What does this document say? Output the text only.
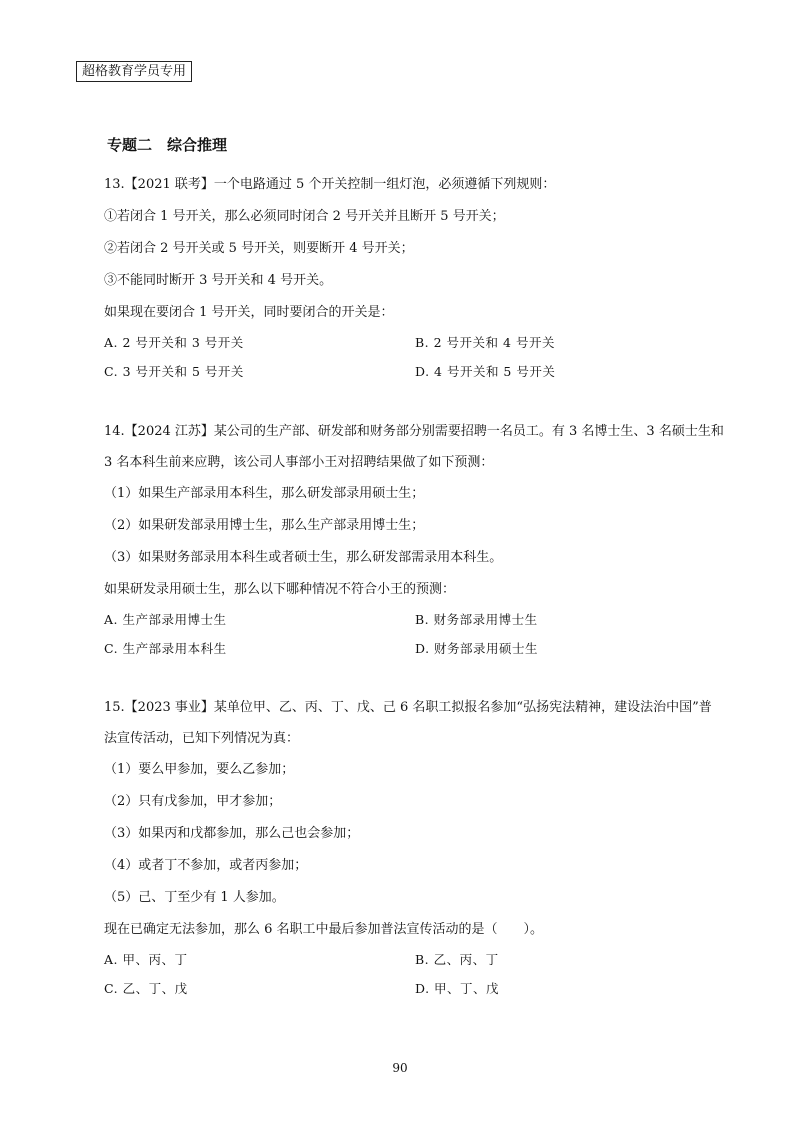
超格教育学员专用
专题二　综合推理
13.【2021 联考】一个电路通过 5 个开关控制一组灯泡，必须遵循下列规则：
①若闭合 1 号开关，那么必须同时闭合 2 号开关并且断开 5 号开关；
②若闭合 2 号开关或 5 号开关，则要断开 4 号开关；
③不能同时断开 3 号开关和 4 号开关。
如果现在要闭合 1 号开关，同时要闭合的开关是：
A. 2 号开关和 3 号开关	B. 2 号开关和 4 号开关
C. 3 号开关和 5 号开关	D. 4 号开关和 5 号开关
14.【2024 江苏】某公司的生产部、研发部和财务部分别需要招聘一名员工。有 3 名博士生、3 名硕士生和 3 名本科生前来应聘，该公司人事部小王对招聘结果做了如下预测：
（1）如果生产部录用本科生，那么研发部录用硕士生；
（2）如果研发部录用博士生，那么生产部录用博士生；
（3）如果财务部录用本科生或者硕士生，那么研发部需录用本科生。
如果研发录用硕士生，那么以下哪种情况不符合小王的预测：
A. 生产部录用博士生	B. 财务部录用博士生
C. 生产部录用本科生	D. 财务部录用硕士生
15.【2023 事业】某单位甲、乙、丙、丁、戊、己 6 名职工拟报名参加“弘扬宪法精神，建设法治中国”普法宣传活动，已知下列情况为真：
（1）要么甲参加，要么乙参加；
（2）只有戊参加，甲才参加；
（3）如果丙和戊都参加，那么己也会参加；
（4）或者丁不参加，或者丙参加；
（5）己、丁至少有 1 人参加。
现在已确定无法参加，那么 6 名职工中最后参加普法宣传活动的是（　　）。
A. 甲、丙、丁	B. 乙、丙、丁
C. 乙、丁、戊	D. 甲、丁、戊
90
